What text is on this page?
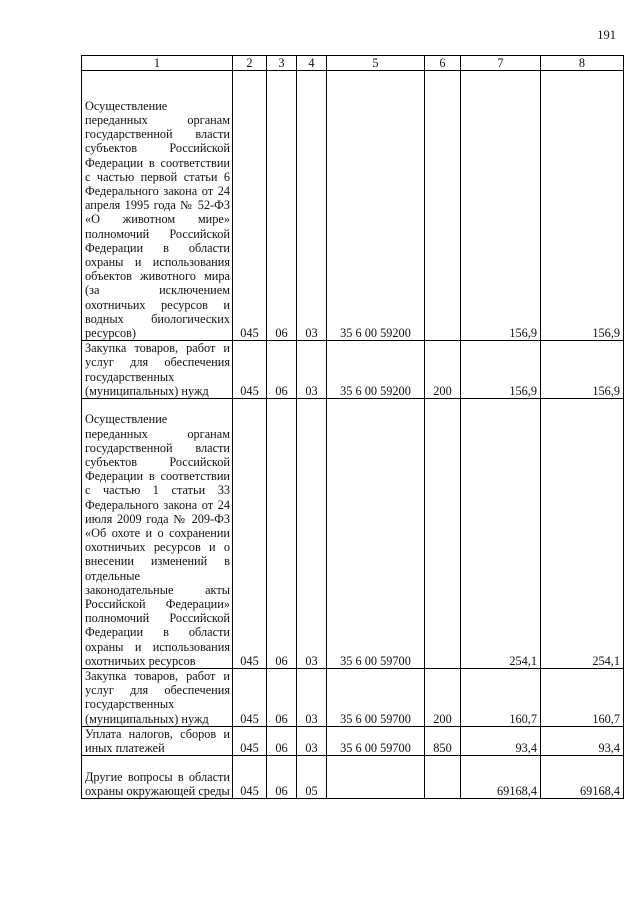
191
1	2	3	4	5	6	7	8
Осуществление переданных органам государственной власти субъектов Российской Федерации в соответствии с частью первой статьи 6 Федерального закона от 24 апреля 1995 года № 52-ФЗ «О животном мире» полномочий Российской Федерации в области охраны и использования объектов животного мира (за исключением охотничьих ресурсов и водных биологических ресурсов)	045	06	03	35 6 00 59200		156,9	156,9
Закупка товаров, работ и услуг для обеспечения государственных (муниципальных) нужд	045	06	03	35 6 00 59200	200	156,9	156,9
Осуществление переданных органам государственной власти субъектов Российской Федерации в соответствии с частью 1 статьи 33 Федерального закона от 24 июля 2009 года № 209-ФЗ «Об охоте и о сохранении охотничьих ресурсов и о внесении изменений в отдельные законодательные акты Российской Федерации» полномочий Российской Федерации в области охраны и использования охотничьих ресурсов	045	06	03	35 6 00 59700		254,1	254,1
Закупка товаров, работ и услуг для обеспечения государственных (муниципальных) нужд	045	06	03	35 6 00 59700	200	160,7	160,7
Уплата налогов, сборов и иных платежей	045	06	03	35 6 00 59700	850	93,4	93,4
Другие вопросы в области охраны окружающей среды	045	06	05			69168,4	69168,4
